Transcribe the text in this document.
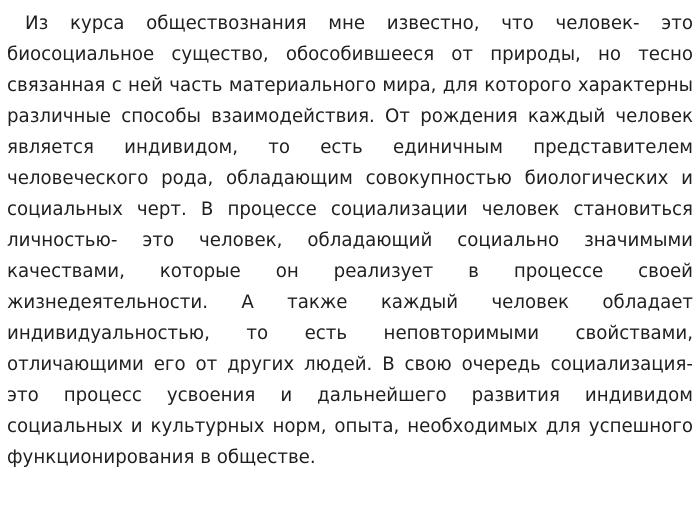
Из курса обществознания мне известно, что человек- это биосоциальное существо, обособившееся от природы, но тесно связанная с ней часть материального мира, для которого характерны различные способы взаимодействия. От рождения каждый человек является индивидом, то есть единичным представителем человеческого рода, обладающим совокупностью биологических и социальных черт. В процессе социализации человек становиться личностью- это человек, обладающий социально значимыми качествами, которые он реализует в процессе своей жизнедеятельности. А также каждый человек обладает индивидуальностью, то есть неповторимыми свойствами, отличающими его от других людей. В свою очередь социализация- это процесс усвоения и дальнейшего развития индивидом социальных и культурных норм, опыта, необходимых для успешного функционирования в обществе.
